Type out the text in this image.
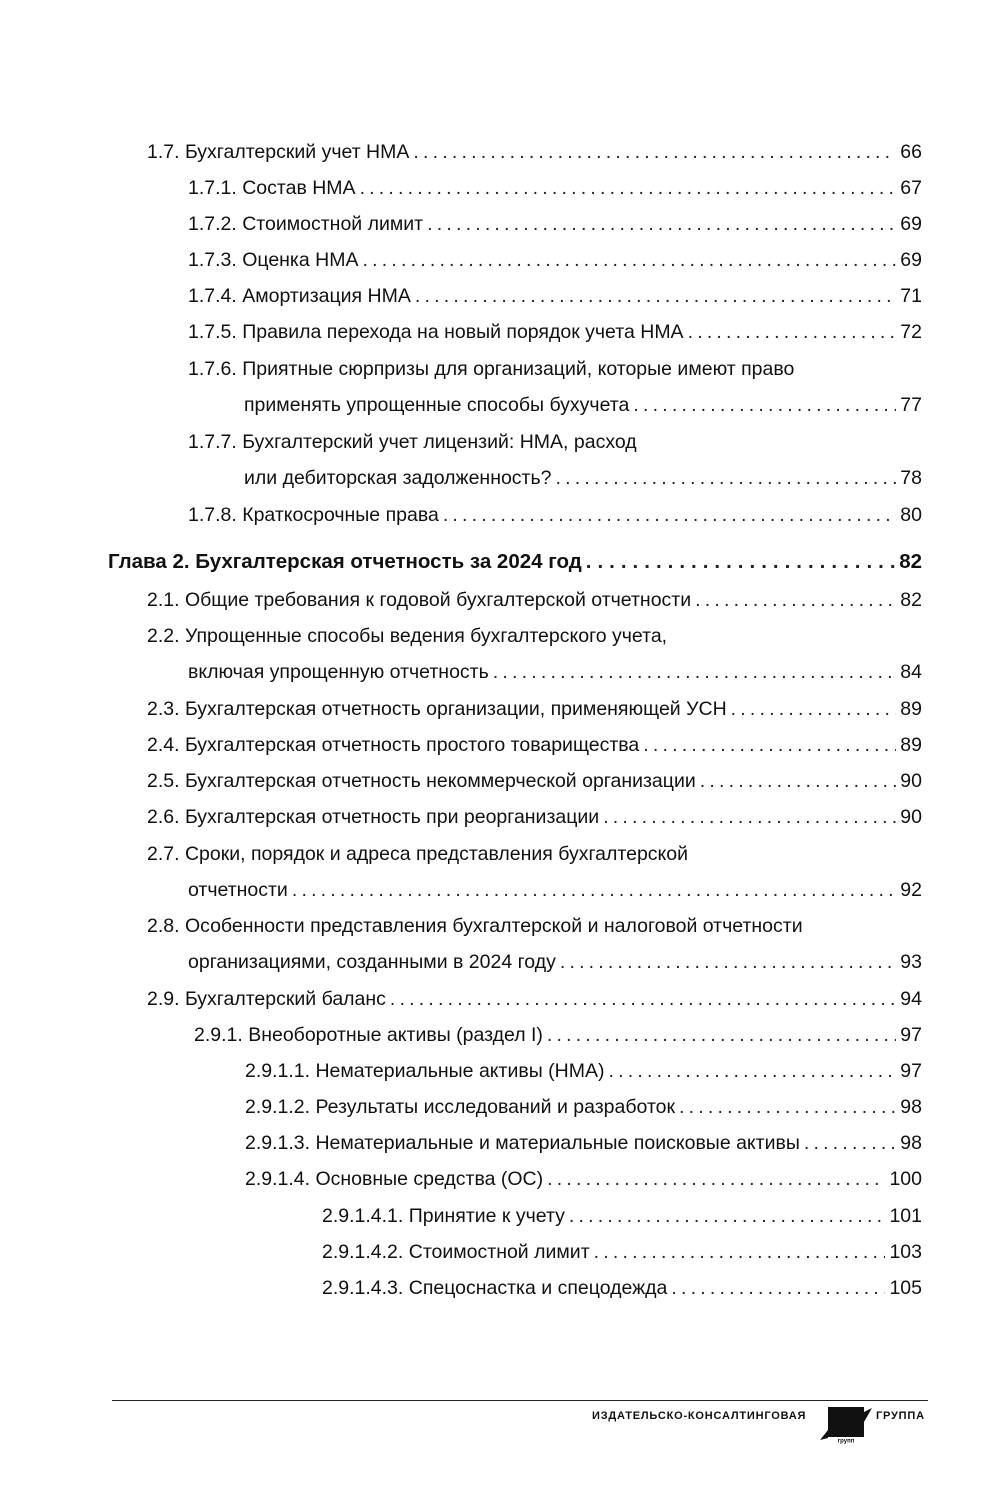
1.7. Бухгалтерский учет НМА .....	66
1.7.1. Состав НМА .....	67
1.7.2. Стоимостной лимит .....	69
1.7.3. Оценка НМА .....	69
1.7.4. Амортизация НМА .....	71
1.7.5. Правила перехода на новый порядок учета НМА .....	72
1.7.6. Приятные сюрпризы для организаций, которые имеют право
применять упрощенные способы бухучета .....	77
1.7.7. Бухгалтерский учет лицензий: НМА, расход
или дебиторская задолженность? .....	78
1.7.8. Краткосрочные права .....	80
Глава 2. Бухгалтерская отчетность за 2024 год .....	82
2.1. Общие требования к годовой бухгалтерской отчетности .....	82
2.2. Упрощенные способы ведения бухгалтерского учета,
включая упрощенную отчетность .....	84
2.3. Бухгалтерская отчетность организации, применяющей УСН .....	89
2.4. Бухгалтерская отчетность простого товарищества .....	89
2.5. Бухгалтерская отчетность некоммерческой организации .....	90
2.6. Бухгалтерская отчетность при реорганизации .....	90
2.7. Сроки, порядок и адреса представления бухгалтерской
отчетности .....	92
2.8. Особенности представления бухгалтерской и налоговой отчетности
организациями, созданными в 2024 году .....	93
2.9. Бухгалтерский баланс .....	94
2.9.1. Внеоборотные активы (раздел I) .....	97
2.9.1.1. Нематериальные активы (НМА) .....	97
2.9.1.2. Результаты исследований и разработок .....	98
2.9.1.3. Нематериальные и материальные поисковые активы .....	98
2.9.1.4. Основные средства (ОС) .....	100
2.9.1.4.1. Принятие к учету .....	101
2.9.1.4.2. Стоимостной лимит .....	103
2.9.1.4.3. Спецоснастка и спецодежда .....	105
ИЗДАТЕЛЬСКО-КОНСАЛТИНГОВАЯ
групп
ГРУППА
